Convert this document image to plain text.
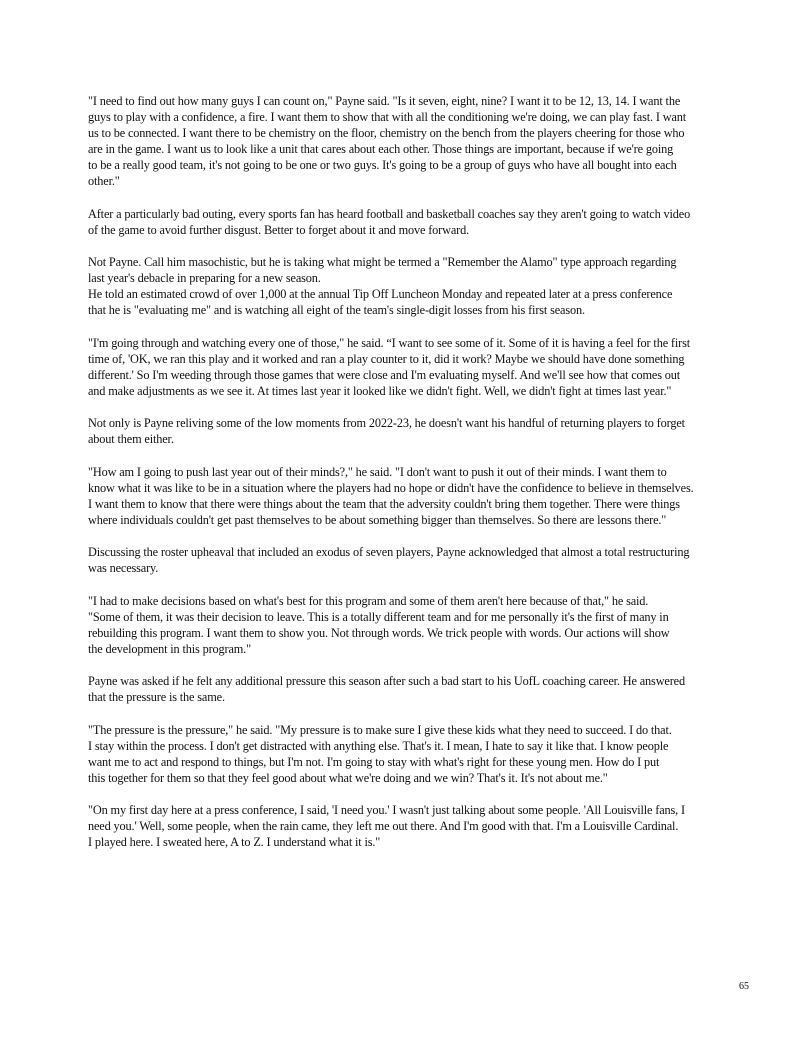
"I need to find out how many guys I can count on," Payne said. "Is it seven, eight, nine? I want it to be 12, 13, 14. I want the
guys to play with a confidence, a fire. I want them to show that with all the conditioning we're doing, we can play fast. I want
us to be connected. I want there to be chemistry on the floor, chemistry on the bench from the players cheering for those who
are in the game. I want us to look like a unit that cares about each other. Those things are important, because if we're going
to be a really good team, it's not going to be one or two guys. It's going to be a group of guys who have all bought into each
other."

After a particularly bad outing, every sports fan has heard football and basketball coaches say they aren't going to watch video
of the game to avoid further disgust. Better to forget about it and move forward.

Not Payne. Call him masochistic, but he is taking what might be termed a "Remember the Alamo" type approach regarding
last year's debacle in preparing for a new season.
He told an estimated crowd of over 1,000 at the annual Tip Off Luncheon Monday and repeated later at a press conference
that he is "evaluating me" and is watching all eight of the team's single-digit losses from his first season.

"I'm going through and watching every one of those," he said. “I want to see some of it. Some of it is having a feel for the first
time of, 'OK, we ran this play and it worked and ran a play counter to it, did it work? Maybe we should have done something
different.' So I'm weeding through those games that were close and I'm evaluating myself. And we'll see how that comes out
and make adjustments as we see it. At times last year it looked like we didn't fight. Well, we didn't fight at times last year."

Not only is Payne reliving some of the low moments from 2022-23, he doesn't want his handful of returning players to forget
about them either.

"How am I going to push last year out of their minds?," he said. "I don't want to push it out of their minds. I want them to
know what it was like to be in a situation where the players had no hope or didn't have the confidence to believe in themselves.
I want them to know that there were things about the team that the adversity couldn't bring them together. There were things
where individuals couldn't get past themselves to be about something bigger than themselves. So there are lessons there."

Discussing the roster upheaval that included an exodus of seven players, Payne acknowledged that almost a total restructuring
was necessary.

"I had to make decisions based on what's best for this program and some of them aren't here because of that," he said.
"Some of them, it was their decision to leave. This is a totally different team and for me personally it's the first of many in
rebuilding this program. I want them to show you. Not through words. We trick people with words. Our actions will show
the development in this program."

Payne was asked if he felt any additional pressure this season after such a bad start to his UofL coaching career. He answered
that the pressure is the same.

"The pressure is the pressure," he said. "My pressure is to make sure I give these kids what they need to succeed. I do that.
I stay within the process. I don't get distracted with anything else. That's it. I mean, I hate to say it like that. I know people
want me to act and respond to things, but I'm not. I'm going to stay with what's right for these young men. How do I put
this together for them so that they feel good about what we're doing and we win? That's it. It's not about me."

"On my first day here at a press conference, I said, 'I need you.' I wasn't just talking about some people. 'All Louisville fans, I
need you.' Well, some people, when the rain came, they left me out there. And I'm good with that. I'm a Louisville Cardinal.
I played here. I sweated here, A to Z. I understand what it is."

65
